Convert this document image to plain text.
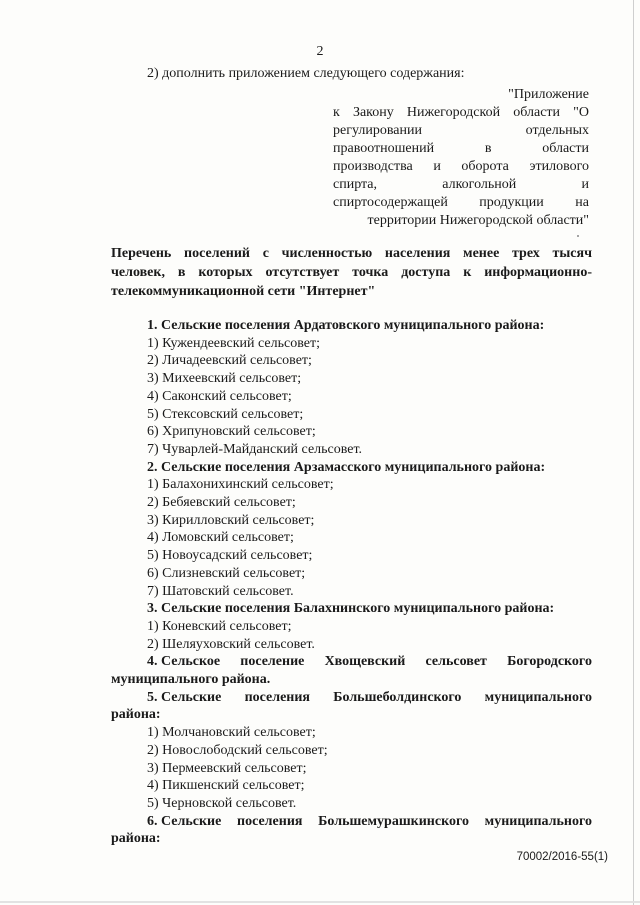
2
2) дополнить приложением следующего содержания:
"Приложение
к Закону Нижегородской области "О
регулировании	отдельных
правоотношений	в	области
производства и оборота этилового
спирта,	алкогольной	и
спиртосодержащей продукции на
территории Нижегородской области"
Перечень поселений с численностью населения менее трех тысяч
человек, в которых отсутствует точка доступа к информационно-
телекоммуникационной сети "Интернет"
1. Сельские поселения Ардатовского муниципального района:
1) Кужендеевский сельсовет;
2) Личадеевский сельсовет;
3) Михеевский сельсовет;
4) Саконский сельсовет;
5) Стексовский сельсовет;
6) Хрипуновский сельсовет;
7) Чуварлей-Майданский сельсовет.
2. Сельские поселения Арзамасского муниципального района:
1) Балахонихинский сельсовет;
2) Бебяевский сельсовет;
3) Кирилловский сельсовет;
4) Ломовский сельсовет;
5) Новоусадский сельсовет;
6) Слизневский сельсовет;
7) Шатовский сельсовет.
3. Сельские поселения Балахнинского муниципального района:
1) Коневский сельсовет;
2) Шеляуховский сельсовет.
4. Сельское поселение Хвощевский сельсовет Богородского
муниципального района.
5. Сельские поселения Большеболдинского муниципального
района:
1) Молчановский сельсовет;
2) Новослободский сельсовет;
3) Пермеевский сельсовет;
4) Пикшенский сельсовет;
5) Черновской сельсовет.
6. Сельские поселения Большемурашкинского муниципального
района:
70002/2016-55(1)
